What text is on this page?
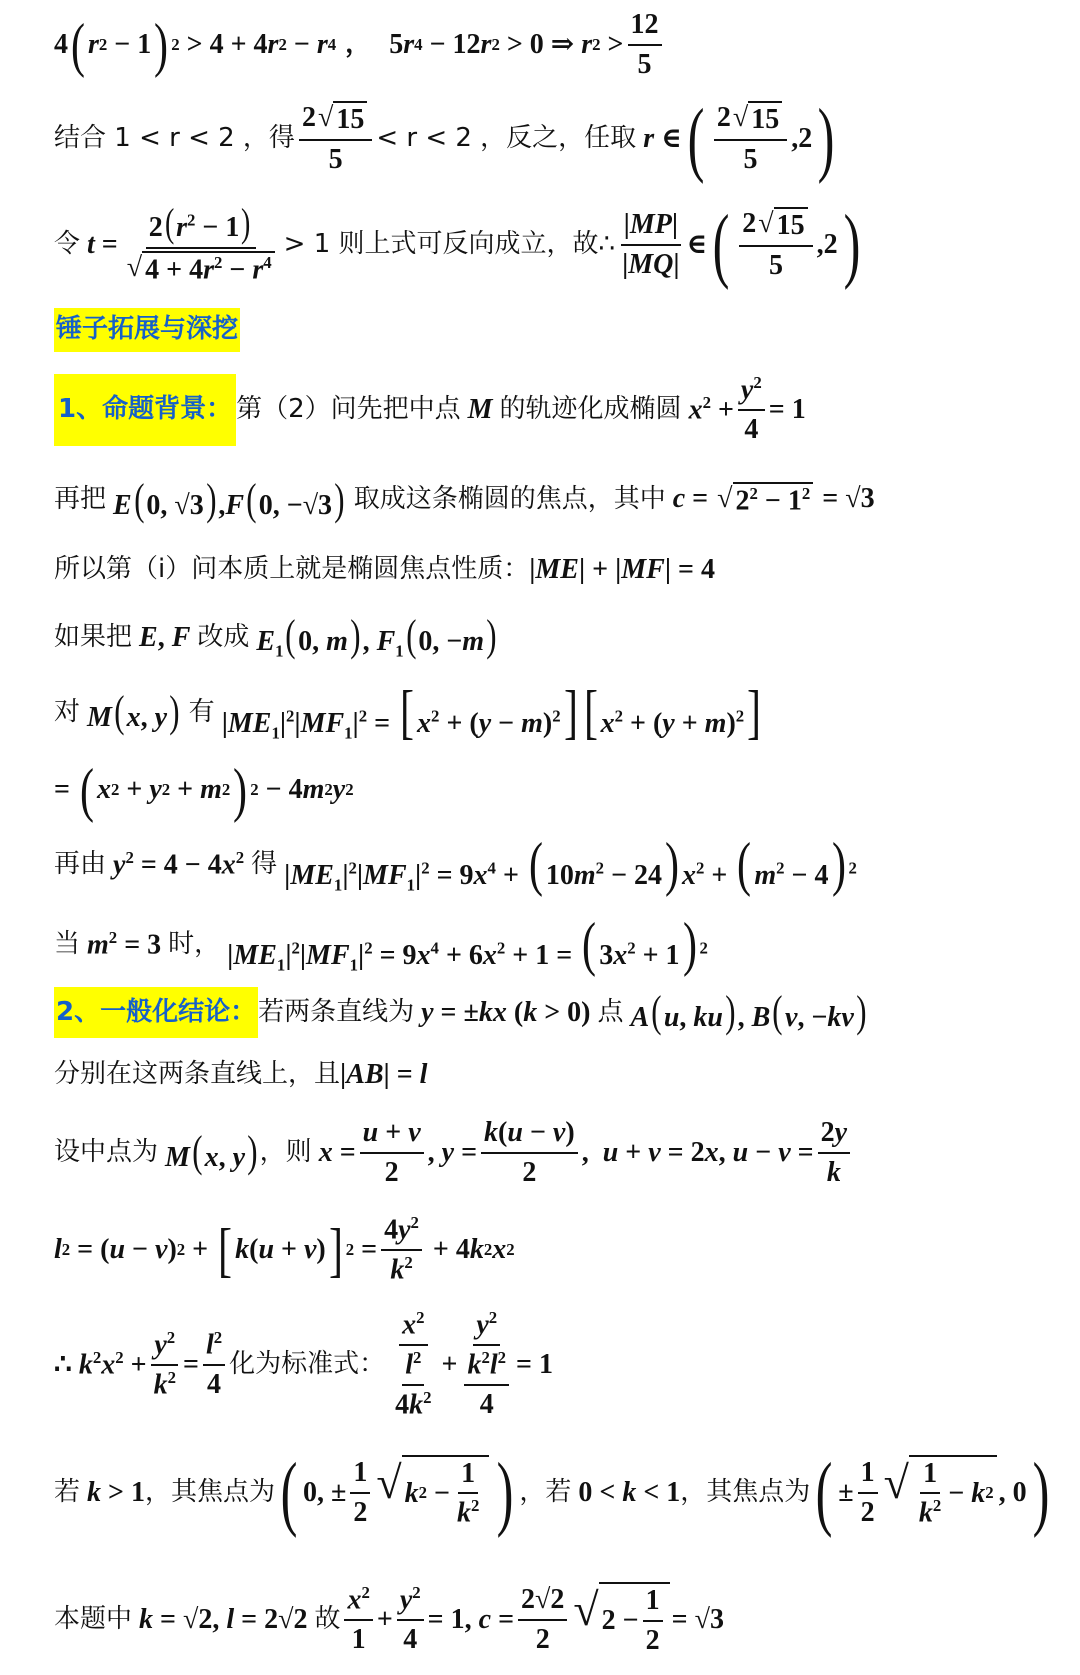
4 ( r 2 − 1 ) 2 > 4 + 4 r 2 − r 4 ， 5 r 4 − 12 r 2 > 0 ⇒ r $2 > \frac{12}{5}$
结合 1 < r < 2 ，得 $\frac{2 √ 15}{5} < r < 2$ ，反之，任取 r ∈ ( $\frac{2 √ 15}{5} ,2$ )
令 $t = \frac{2(r^2 - 1)}{√ 4 + 4r^2 - r^4} > 1$ 则上式可反向成立，故∴ $\frac{|MP|}{|MQ|}$ ∈ ( $\frac{2 √ 15}{5} ,2$ )
锤子拓展与深挖
1、命题背景： 第（2）问先把中点 M 的轨迹化成椭圆 $x^2 + \frac{y^2}{4} = 1$
再把 E(0, √3),F(0, −√3) 取成这条椭圆的焦点，其中 c = √ $2^2 - 1^2 = √3$
所以第（ⅰ）问本质上就是椭圆焦点性质： |ME| + |MF| = 4
如果把 E, F 改成 $E_1(0$, m), $F_1(0$, −m)
对 M(x, y) 有 $|ME_1|^2|MF_1|^2$ = [ $x^2 + (y - m)^2$][ $x^2 + (y + m)^2$]
= ( x 2 + y 2 + m 2 ) 2 − 4 m 2 y 2
再由 $y^2 = 4 - 4x^2$ 得 $|ME_1|^2|MF_1|^2 = 9x^4$ + ( $10m^2 - 24$) $x^2$ + ( $m^2 - 4$) $^2$
当 $m^2 = 3$ 时， $|ME_1|^2|MF_1|^2 = 9x^4 + 6x^2 + 1$ = ( $3x^2 + 1$) $^2$
2、一般化结论： 若两条直线为 y = ±kx (k > 0) 点 A(u, ku), B(v, −kv)
分别在这两条直线上，且 |AB| = l
设中点为 M(x, y) ，则 $x = \frac{u + v}{2}$ , $y = \frac{k(u - v)}{2}$ ,  u + v = 2x, $u - v = \frac{2y}{k}$
l 2 = ( u − v ) 2 + [ k ( u + v ) ] $2 = \frac{4y^2}{k^2} + 4$ k 2 x 2
∴ $k^2x^2 + \frac{y^2}{k^2} = \frac{l^2}{4}$ 化为标准式： $\frac{x^2}{\frac{l^2}{4k^2}} + \frac{y^2}{\frac{k^2l^2}{4}} = 1$
若 k > 1 ，其焦点为 ( 0, ± $\frac{1}{2}$ √ k $2 - \frac{1}{k^2}$ ) ，若 0 < k < 1 ，其焦点为 ( ± $\frac{1}{2}$ √ $\frac{1}{k^2} - k$ 2 , 0 )
本题中 k = √2, l = 2√2 故 $\frac{x^2}{1} + \frac{y^2}{4} = 1$, $c = \frac{2√2}{2}$ √ $2 - \frac{1}{2} = √3$
